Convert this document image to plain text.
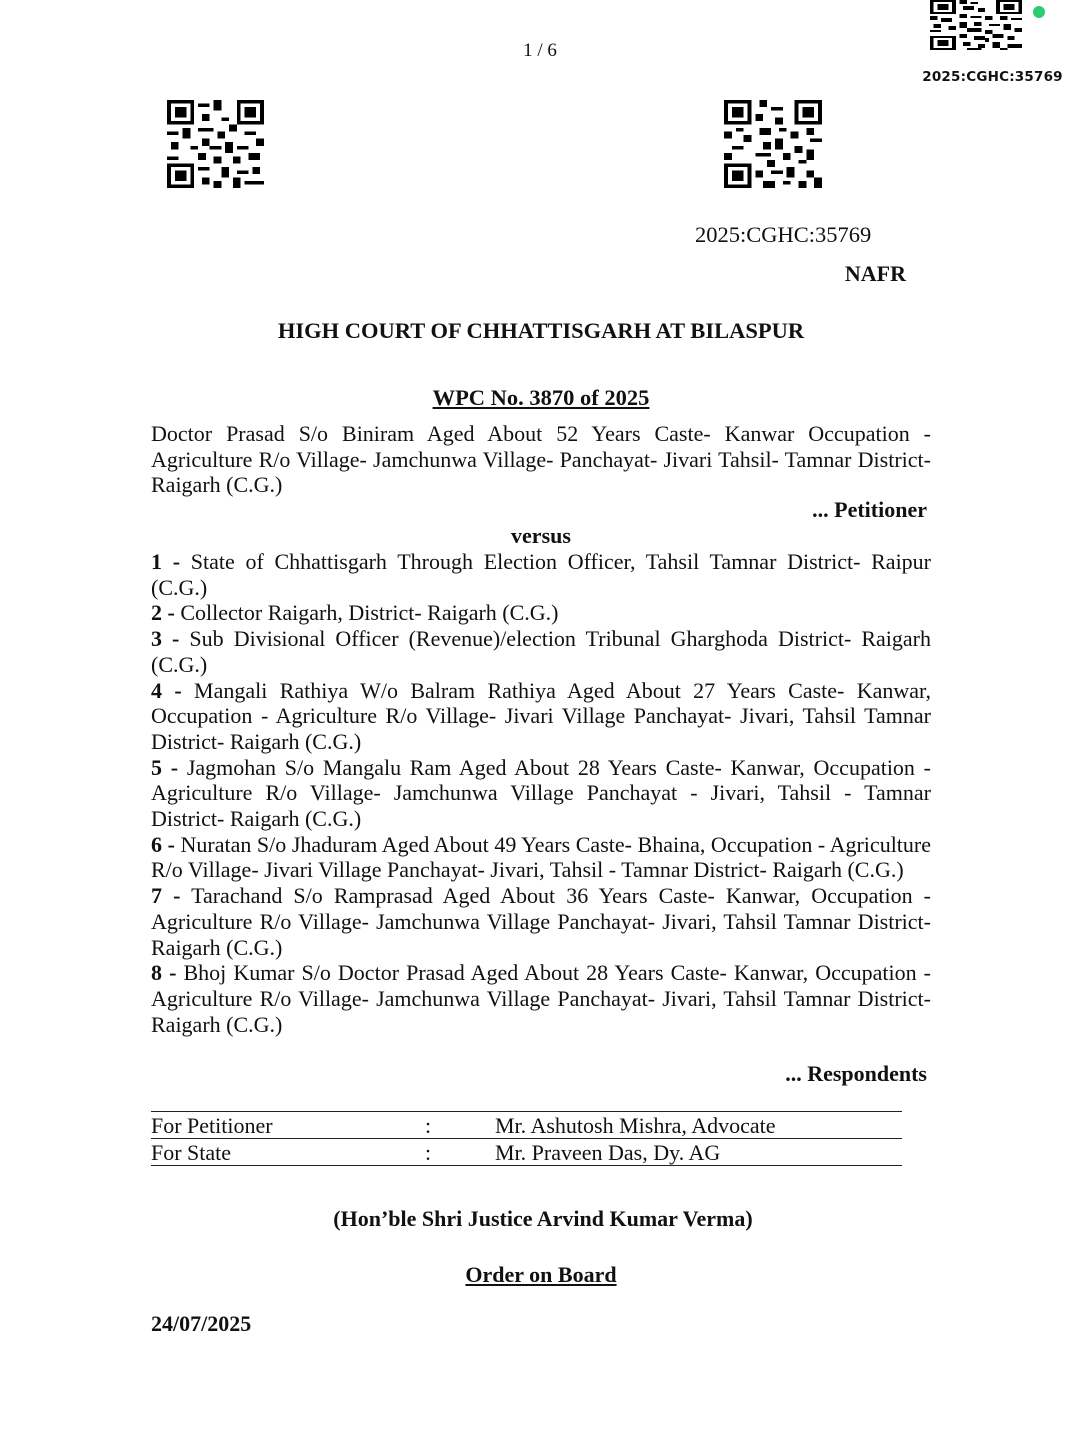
1 / 6
2025:CGHC:35769
2025:CGHC:35769
NAFR
HIGH COURT OF CHHATTISGARH AT BILASPUR
WPC No. 3870 of 2025
Doctor Prasad S/o Biniram Aged About 52 Years Caste- Kanwar Occupation - Agriculture R/o Village- Jamchunwa Village- Panchayat- Jivari Tahsil- Tamnar District- Raigarh (C.G.)
... Petitioner
versus

1 - State of Chhattisgarh Through Election Officer, Tahsil Tamnar District- Raipur (C.G.)

2 - Collector Raigarh, District- Raigarh (C.G.)

3 - Sub Divisional Officer (Revenue)/election Tribunal Gharghoda District- Raigarh (C.G.)

4 - Mangali Rathiya W/o Balram Rathiya Aged About 27 Years Caste- Kanwar, Occupation - Agriculture R/o Village- Jivari Village Panchayat- Jivari, Tahsil Tamnar District- Raigarh (C.G.)

5 - Jagmohan S/o Mangalu Ram Aged About 28 Years Caste- Kanwar, Occupation - Agriculture R/o Village- Jamchunwa Village Panchayat - Jivari, Tahsil - Tamnar District- Raigarh (C.G.)

6 - Nuratan S/o Jhaduram Aged About 49 Years Caste- Bhaina, Occupation - Agriculture R/o Village- Jivari Village Panchayat- Jivari, Tahsil - Tamnar District- Raigarh (C.G.)

7 - Tarachand S/o Ramprasad Aged About 36 Years Caste- Kanwar, Occupation - Agriculture R/o Village- Jamchunwa Village Panchayat- Jivari, Tahsil Tamnar District- Raigarh (C.G.)

8 - Bhoj Kumar S/o Doctor Prasad Aged About 28 Years Caste- Kanwar, Occupation - Agriculture R/o Village- Jamchunwa Village Panchayat- Jivari, Tahsil Tamnar District- Raigarh (C.G.)

... Respondents
For Petitioner	:	Mr. Ashutosh Mishra, Advocate
For State	:	Mr. Praveen Das, Dy. AG
(Hon’ble Shri Justice Arvind Kumar Verma)
Order on Board
24/07/2025
